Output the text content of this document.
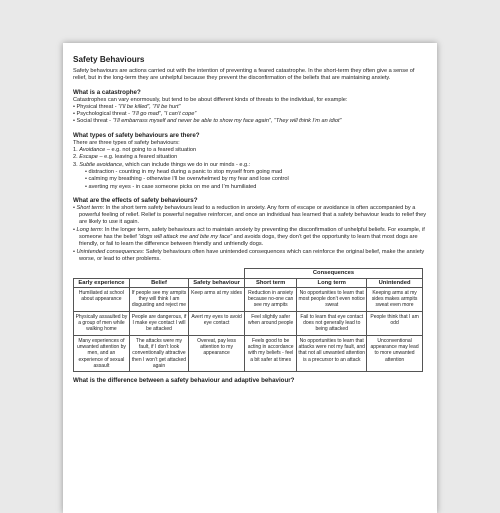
Safety Behaviours

Safety behaviours are actions carried out with the intention of preventing a feared catastrophe. In the short-term they often give a sense of relief, but in the long-term they are unhelpful because they prevent the disconfirmation of the beliefs that are maintaining anxiety.

What is a catastrophe?

Catastrophes can vary enormously, but tend to be about different kinds of threats to the individual, for example:

• Physical threat - “I’ll be killed”, “I’ll be hurt”
• Psychological threat - “I’ll go mad”, “I can’t cope”
• Social threat - “I’ll embarrass myself and never be able to show my face again”, “They will think I’m an idiot”
What types of safety behaviours are there?

There are three types of safety behaviours:

1. Avoidance – e.g. not going to a feared situation
2. Escape – e.g. leaving a feared situation
3. Subtle avoidance, which can include things we do in our minds - e.g.:
• distraction - counting in my head during a panic to stop myself from going mad
• calming my breathing - otherwise I’ll be overwhelmed by my fear and lose control
• averting my eyes - in case someone picks on me and I’m humiliated
What are the effects of safety behaviours?
• Short term: In the short term safety behaviours lead to a reduction in anxiety. Any form of escape or avoidance is often accompanied by a powerful feeling of relief. Relief is powerful negative reinforcer, and once an individual has learned that a safety behaviour leads to relief they are likely to use it again.
• Long term: In the longer term, safety behaviours act to maintain anxiety by preventing the disconfirmation of unhelpful beliefs. For example, if someone has the belief “dogs will attack me and bite my face” and avoids dogs, they don’t get the opportunity to learn that most dogs are friendly, or fail to learn the difference between friendly and unfriendly dogs.
• Unintended consequences: Safety behaviours often have unintended consequences which can reinforce the original belief, make the anxiety worse, or lead to other problems.
			Consequences		
Early experience	Belief	Safety behaviour	Short term	Long term	Unintended
Humiliated at school about appearance	If people see my armpits they will think I am disgusting and reject me	Keep arms at my sides	Reduction in anxiety because no-one can see my armpits	No opportunities to learn that most people don’t even notice sweat	Keeping arms at my sides makes armpits sweat even more
Physically assaulted by a group of men while walking home	People are dangerous, if I make eye contact I will be attacked	Avert my eyes to avoid eye contact	Feel slightly safer when around people	Fail to learn that eye contact does not generally lead to being attacked	People think that I am odd
Many experiences of unwanted attention by men, and an experience of sexual assault	The attacks were my fault, if I don’t look conventionally attractive then I won’t get attacked again	Overeat, pay less attention to my appearance	Feels good to be acting in accordance with my beliefs - feel a bit safer at times	No opportunities to learn that attacks were not my fault, and that not all unwanted attention is a precursor to an attack	Unconventional appearance may lead to more unwanted attention
What is the difference between a safety behaviour and adaptive behaviour?
